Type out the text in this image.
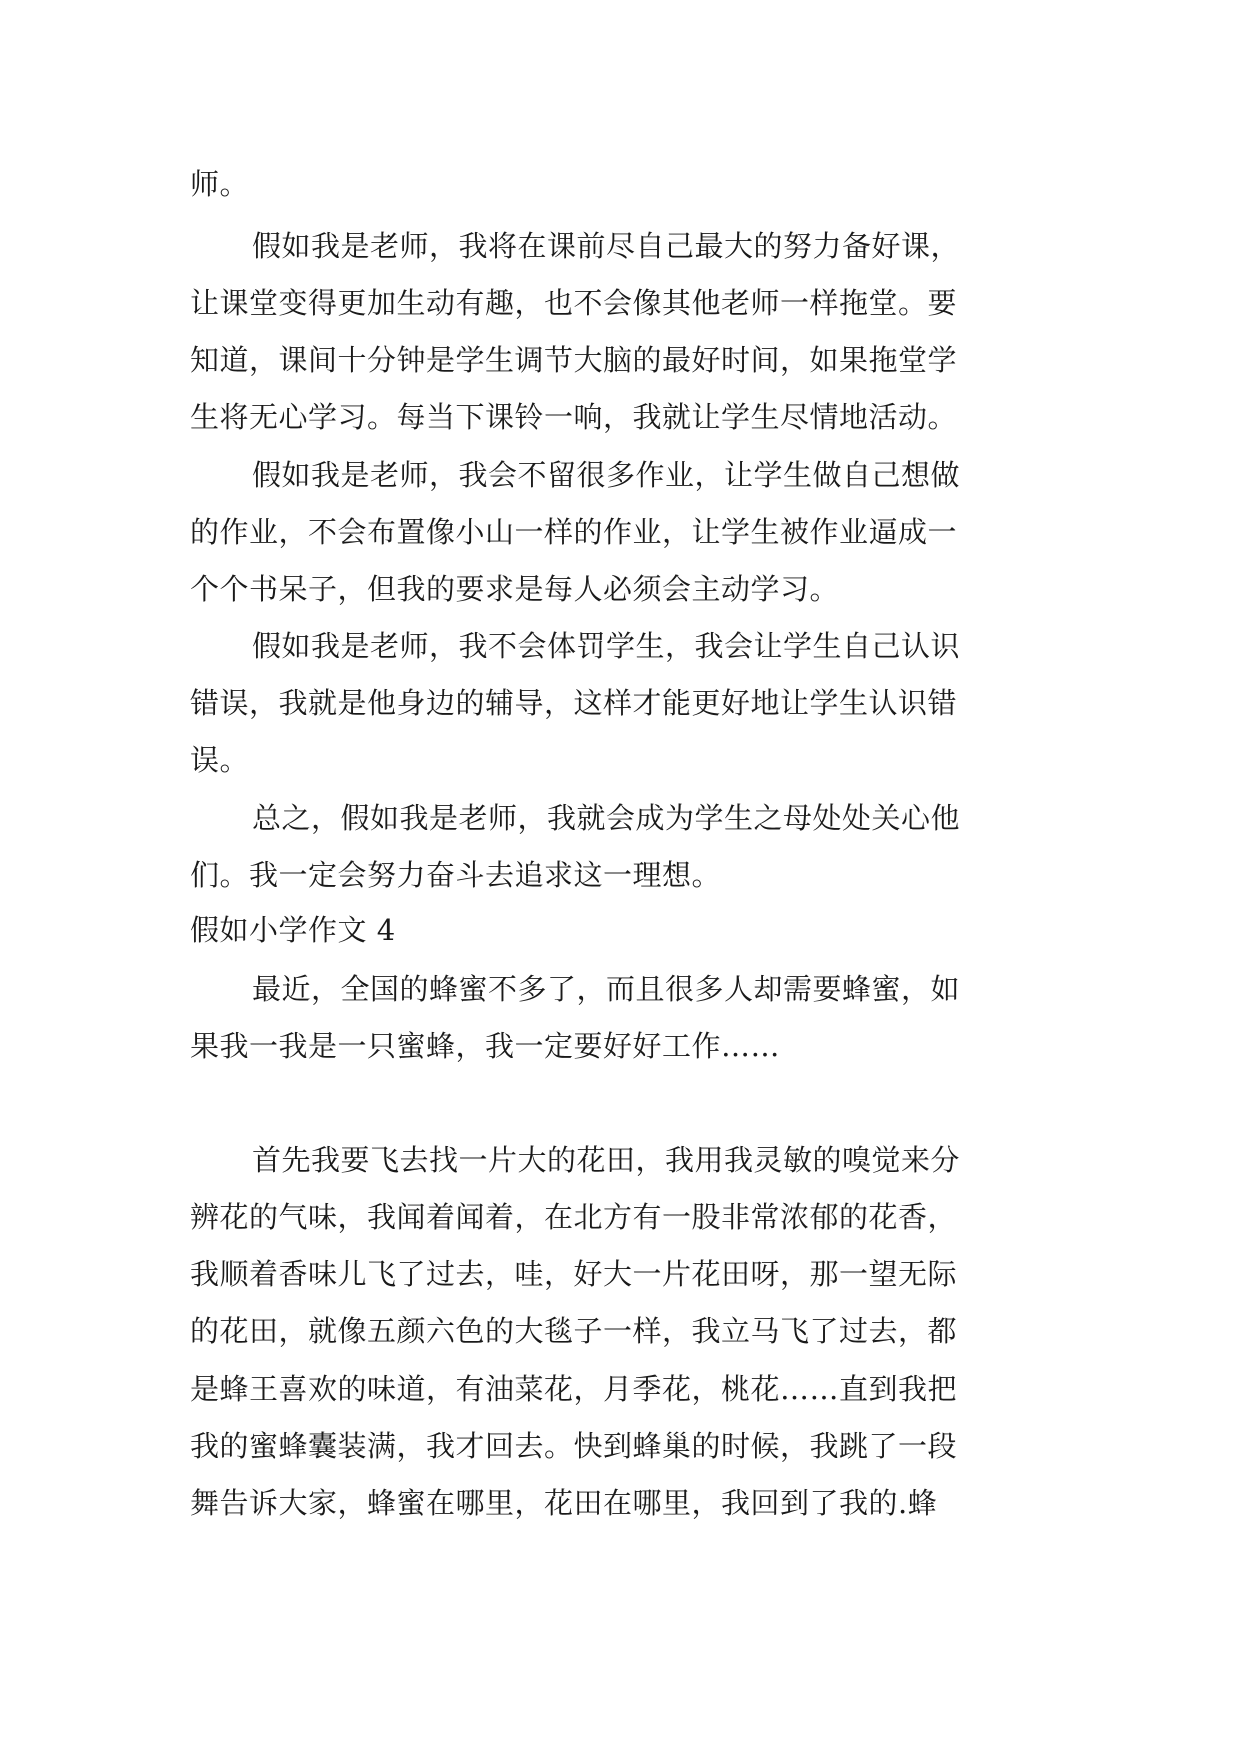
师。
假如我是老师，我将在课前尽自己最大的努力备好课，
让课堂变得更加生动有趣，也不会像其他老师一样拖堂。要
知道，课间十分钟是学生调节大脑的最好时间，如果拖堂学
生将无心学习。每当下课铃一响，我就让学生尽情地活动。
假如我是老师，我会不留很多作业，让学生做自己想做
的作业，不会布置像小山一样的作业，让学生被作业逼成一
个个书呆子，但我的要求是每人必须会主动学习。
假如我是老师，我不会体罚学生，我会让学生自己认识
错误，我就是他身边的辅导，这样才能更好地让学生认识错
误。
总之，假如我是老师，我就会成为学生之母处处关心他
们。我一定会努力奋斗去追求这一理想。
假如小学作文 4
最近，全国的蜂蜜不多了，而且很多人却需要蜂蜜，如
果我一我是一只蜜蜂，我一定要好好工作……
首先我要飞去找一片大的花田，我用我灵敏的嗅觉来分
辨花的气味，我闻着闻着，在北方有一股非常浓郁的花香，
我顺着香味儿飞了过去，哇，好大一片花田呀，那一望无际
的花田，就像五颜六色的大毯子一样，我立马飞了过去，都
是蜂王喜欢的味道，有油菜花，月季花，桃花……直到我把
我的蜜蜂囊装满，我才回去。快到蜂巢的时候，我跳了一段
舞告诉大家，蜂蜜在哪里，花田在哪里，我回到了我的.蜂
